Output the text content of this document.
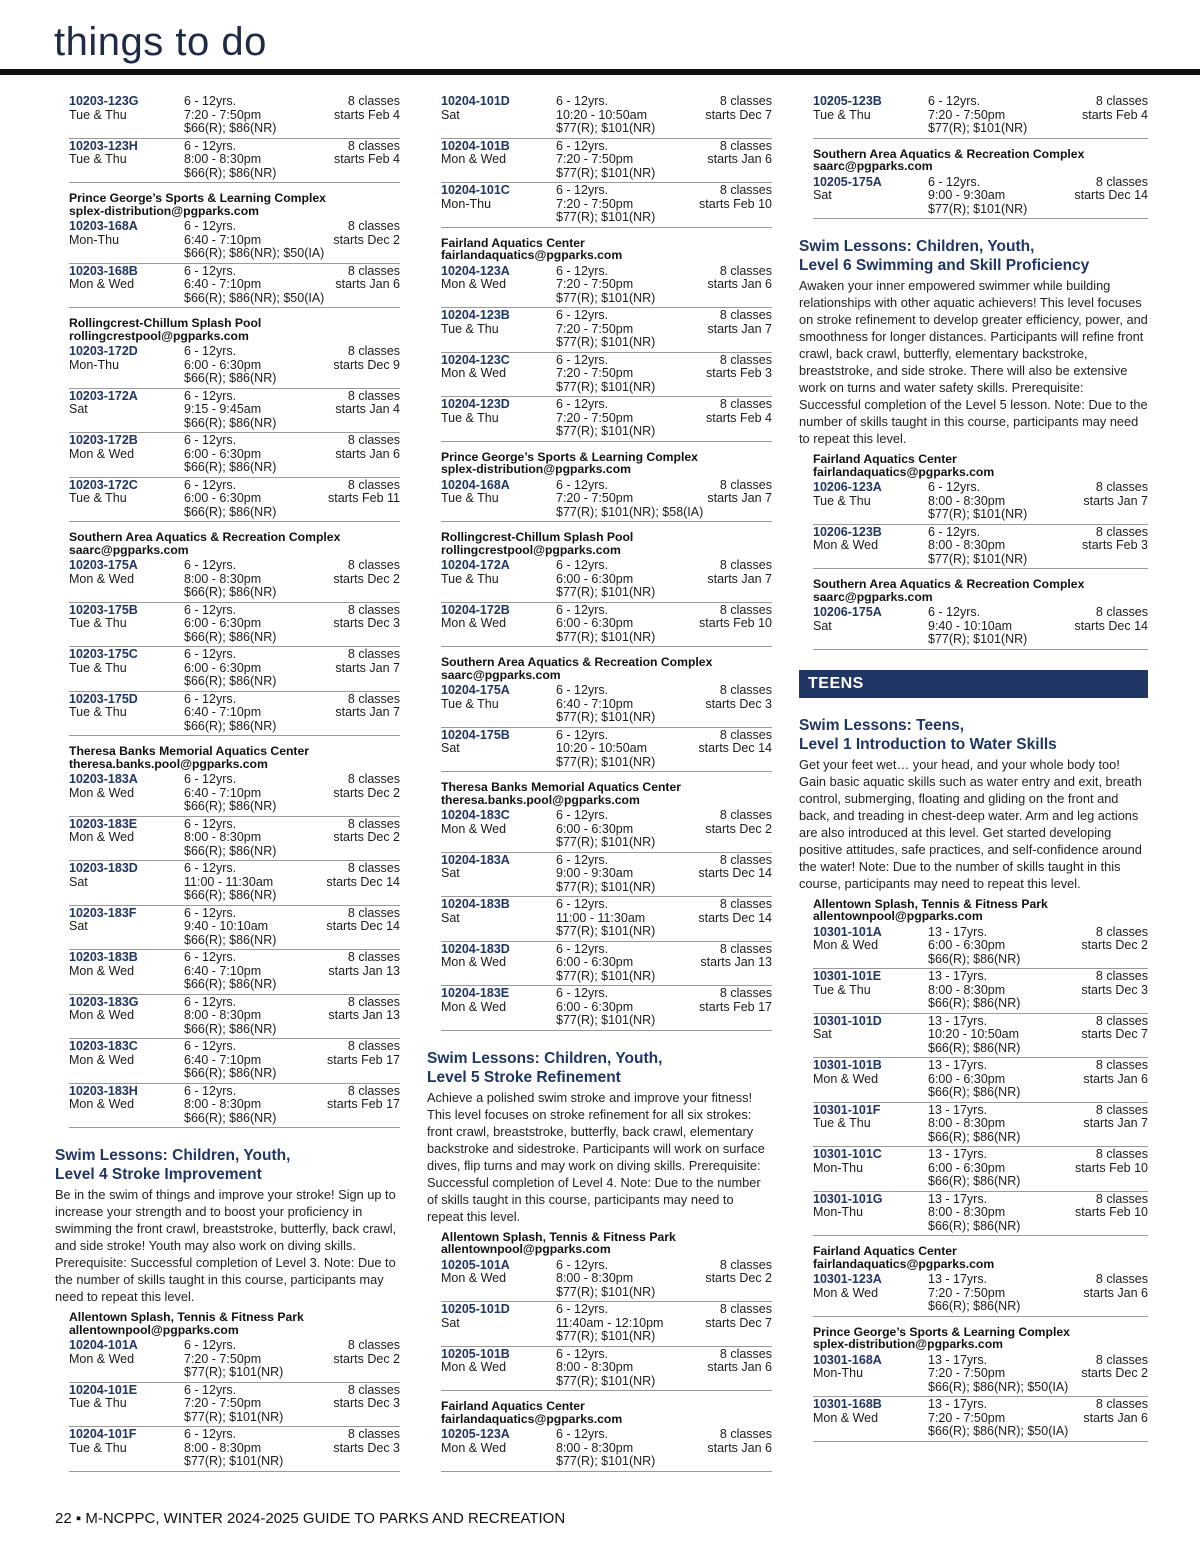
things to do
10203-123G	6 - 12yrs.	8 classes
Tue & Thu	7:20 - 7:50pm	starts Feb 4
$66(R); $86(NR)
10203-123H	6 - 12yrs.	8 classes
Tue & Thu	8:00 - 8:30pm	starts Feb 4
$66(R); $86(NR)
Prince George’s Sports & Learning Complex
splex-distribution@pgparks.com
10203-168A	6 - 12yrs.	8 classes
Mon-Thu	6:40 - 7:10pm	starts Dec 2
$66(R); $86(NR); $50(IA)
10203-168B	6 - 12yrs.	8 classes
Mon & Wed	6:40 - 7:10pm	starts Jan 6
$66(R); $86(NR); $50(IA)
Rollingcrest-Chillum Splash Pool
rollingcrestpool@pgparks.com
10203-172D	6 - 12yrs.	8 classes
Mon-Thu	6:00 - 6:30pm	starts Dec 9
$66(R); $86(NR)
10203-172A	6 - 12yrs.	8 classes
Sat	9:15 - 9:45am	starts Jan 4
$66(R); $86(NR)
10203-172B	6 - 12yrs.	8 classes
Mon & Wed	6:00 - 6:30pm	starts Jan 6
$66(R); $86(NR)
10203-172C	6 - 12yrs.	8 classes
Tue & Thu	6:00 - 6:30pm	starts Feb 11
$66(R); $86(NR)
Southern Area Aquatics & Recreation Complex
saarc@pgparks.com
10203-175A	6 - 12yrs.	8 classes
Mon & Wed	8:00 - 8:30pm	starts Dec 2
$66(R); $86(NR)
10203-175B	6 - 12yrs.	8 classes
Tue & Thu	6:00 - 6:30pm	starts Dec 3
$66(R); $86(NR)
10203-175C	6 - 12yrs.	8 classes
Tue & Thu	6:00 - 6:30pm	starts Jan 7
$66(R); $86(NR)
10203-175D	6 - 12yrs.	8 classes
Tue & Thu	6:40 - 7:10pm	starts Jan 7
$66(R); $86(NR)
Theresa Banks Memorial Aquatics Center
theresa.banks.pool@pgparks.com
10203-183A	6 - 12yrs.	8 classes
Mon & Wed	6:40 - 7:10pm	starts Dec 2
$66(R); $86(NR)
10203-183E	6 - 12yrs.	8 classes
Mon & Wed	8:00 - 8:30pm	starts Dec 2
$66(R); $86(NR)
10203-183D	6 - 12yrs.	8 classes
Sat	11:00 - 11:30am	starts Dec 14
$66(R); $86(NR)
10203-183F	6 - 12yrs.	8 classes
Sat	9:40 - 10:10am	starts Dec 14
$66(R); $86(NR)
10203-183B	6 - 12yrs.	8 classes
Mon & Wed	6:40 - 7:10pm	starts Jan 13
$66(R); $86(NR)
10203-183G	6 - 12yrs.	8 classes
Mon & Wed	8:00 - 8:30pm	starts Jan 13
$66(R); $86(NR)
10203-183C	6 - 12yrs.	8 classes
Mon & Wed	6:40 - 7:10pm	starts Feb 17
$66(R); $86(NR)
10203-183H	6 - 12yrs.	8 classes
Mon & Wed	8:00 - 8:30pm	starts Feb 17
$66(R); $86(NR)
Swim Lessons: Children, Youth,
Level 4 Stroke Improvement
Be in the swim of things and improve your stroke! Sign up to increase your strength and to boost your proficiency in swimming the front crawl, breaststroke, butterfly, back crawl, and side stroke! Youth may also work on diving skills. Prerequisite: Successful completion of Level 3. Note: Due to the number of skills taught in this course, participants may need to repeat this level.
Allentown Splash, Tennis & Fitness Park
allentownpool@pgparks.com
10204-101A	6 - 12yrs.	8 classes
Mon & Wed	7:20 - 7:50pm	starts Dec 2
$77(R); $101(NR)
10204-101E	6 - 12yrs.	8 classes
Tue & Thu	7:20 - 7:50pm	starts Dec 3
$77(R); $101(NR)
10204-101F	6 - 12yrs.	8 classes
Tue & Thu	8:00 - 8:30pm	starts Dec 3
$77(R); $101(NR)
10204-101D	6 - 12yrs.	8 classes
Sat	10:20 - 10:50am	starts Dec 7
$77(R); $101(NR)
10204-101B	6 - 12yrs.	8 classes
Mon & Wed	7:20 - 7:50pm	starts Jan 6
$77(R); $101(NR)
10204-101C	6 - 12yrs.	8 classes
Mon-Thu	7:20 - 7:50pm	starts Feb 10
$77(R); $101(NR)
Fairland Aquatics Center
fairlandaquatics@pgparks.com
10204-123A	6 - 12yrs.	8 classes
Mon & Wed	7:20 - 7:50pm	starts Jan 6
$77(R); $101(NR)
10204-123B	6 - 12yrs.	8 classes
Tue & Thu	7:20 - 7:50pm	starts Jan 7
$77(R); $101(NR)
10204-123C	6 - 12yrs.	8 classes
Mon & Wed	7:20 - 7:50pm	starts Feb 3
$77(R); $101(NR)
10204-123D	6 - 12yrs.	8 classes
Tue & Thu	7:20 - 7:50pm	starts Feb 4
$77(R); $101(NR)
Prince George’s Sports & Learning Complex
splex-distribution@pgparks.com
10204-168A	6 - 12yrs.	8 classes
Tue & Thu	7:20 - 7:50pm	starts Jan 7
$77(R); $101(NR); $58(IA)
Rollingcrest-Chillum Splash Pool
rollingcrestpool@pgparks.com
10204-172A	6 - 12yrs.	8 classes
Tue & Thu	6:00 - 6:30pm	starts Jan 7
$77(R); $101(NR)
10204-172B	6 - 12yrs.	8 classes
Mon & Wed	6:00 - 6:30pm	starts Feb 10
$77(R); $101(NR)
Southern Area Aquatics & Recreation Complex
saarc@pgparks.com
10204-175A	6 - 12yrs.	8 classes
Tue & Thu	6:40 - 7:10pm	starts Dec 3
$77(R); $101(NR)
10204-175B	6 - 12yrs.	8 classes
Sat	10:20 - 10:50am	starts Dec 14
$77(R); $101(NR)
Theresa Banks Memorial Aquatics Center
theresa.banks.pool@pgparks.com
10204-183C	6 - 12yrs.	8 classes
Mon & Wed	6:00 - 6:30pm	starts Dec 2
$77(R); $101(NR)
10204-183A	6 - 12yrs.	8 classes
Sat	9:00 - 9:30am	starts Dec 14
$77(R); $101(NR)
10204-183B	6 - 12yrs.	8 classes
Sat	11:00 - 11:30am	starts Dec 14
$77(R); $101(NR)
10204-183D	6 - 12yrs.	8 classes
Mon & Wed	6:00 - 6:30pm	starts Jan 13
$77(R); $101(NR)
10204-183E	6 - 12yrs.	8 classes
Mon & Wed	6:00 - 6:30pm	starts Feb 17
$77(R); $101(NR)
Swim Lessons: Children, Youth,
Level 5 Stroke Refinement
Achieve a polished swim stroke and improve your fitness! This level focuses on stroke refinement for all six strokes: front crawl, breaststroke, butterfly, back crawl, elementary backstroke and sidestroke. Participants will work on surface dives, flip turns and may work on diving skills. Prerequisite: Successful completion of Level 4. Note: Due to the number of skills taught in this course, participants may need to repeat this level.
Allentown Splash, Tennis & Fitness Park
allentownpool@pgparks.com
10205-101A	6 - 12yrs.	8 classes
Mon & Wed	8:00 - 8:30pm	starts Dec 2
$77(R); $101(NR)
10205-101D	6 - 12yrs.	8 classes
Sat	11:40am - 12:10pm	starts Dec 7
$77(R); $101(NR)
10205-101B	6 - 12yrs.	8 classes
Mon & Wed	8:00 - 8:30pm	starts Jan 6
$77(R); $101(NR)
Fairland Aquatics Center
fairlandaquatics@pgparks.com
10205-123A	6 - 12yrs.	8 classes
Mon & Wed	8:00 - 8:30pm	starts Jan 6
$77(R); $101(NR)
10205-123B	6 - 12yrs.	8 classes
Tue & Thu	7:20 - 7:50pm	starts Feb 4
$77(R); $101(NR)
Southern Area Aquatics & Recreation Complex
saarc@pgparks.com
10205-175A	6 - 12yrs.	8 classes
Sat	9:00 - 9:30am	starts Dec 14
$77(R); $101(NR)
Swim Lessons: Children, Youth,
Level 6 Swimming and Skill Proficiency
Awaken your inner empowered swimmer while building relationships with other aquatic achievers! This level focuses on stroke refinement to develop greater efficiency, power, and smoothness for longer distances. Participants will refine front crawl, back crawl, butterfly, elementary backstroke, breaststroke, and side stroke. There will also be extensive work on turns and water safety skills. Prerequisite: Successful completion of the Level 5 lesson. Note: Due to the number of skills taught in this course, participants may need to repeat this level.
Fairland Aquatics Center
fairlandaquatics@pgparks.com
10206-123A	6 - 12yrs.	8 classes
Tue & Thu	8:00 - 8:30pm	starts Jan 7
$77(R); $101(NR)
10206-123B	6 - 12yrs.	8 classes
Mon & Wed	8:00 - 8:30pm	starts Feb 3
$77(R); $101(NR)
Southern Area Aquatics & Recreation Complex
saarc@pgparks.com
10206-175A	6 - 12yrs.	8 classes
Sat	9:40 - 10:10am	starts Dec 14
$77(R); $101(NR)
TEENS
Swim Lessons: Teens,
Level 1 Introduction to Water Skills
Get your feet wet… your head, and your whole body too! Gain basic aquatic skills such as water entry and exit, breath control, submerging, floating and gliding on the front and back, and treading in chest-deep water. Arm and leg actions are also introduced at this level. Get started developing positive attitudes, safe practices, and self-confidence around the water! Note: Due to the number of skills taught in this course, participants may need to repeat this level.
Allentown Splash, Tennis & Fitness Park
allentownpool@pgparks.com
10301-101A	13 - 17yrs.	8 classes
Mon & Wed	6:00 - 6:30pm	starts Dec 2
$66(R); $86(NR)
10301-101E	13 - 17yrs.	8 classes
Tue & Thu	8:00 - 8:30pm	starts Dec 3
$66(R); $86(NR)
10301-101D	13 - 17yrs.	8 classes
Sat	10:20 - 10:50am	starts Dec 7
$66(R); $86(NR)
10301-101B	13 - 17yrs.	8 classes
Mon & Wed	6:00 - 6:30pm	starts Jan 6
$66(R); $86(NR)
10301-101F	13 - 17yrs.	8 classes
Tue & Thu	8:00 - 8:30pm	starts Jan 7
$66(R); $86(NR)
10301-101C	13 - 17yrs.	8 classes
Mon-Thu	6:00 - 6:30pm	starts Feb 10
$66(R); $86(NR)
10301-101G	13 - 17yrs.	8 classes
Mon-Thu	8:00 - 8:30pm	starts Feb 10
$66(R); $86(NR)
Fairland Aquatics Center
fairlandaquatics@pgparks.com
10301-123A	13 - 17yrs.	8 classes
Mon & Wed	7:20 - 7:50pm	starts Jan 6
$66(R); $86(NR)
Prince George’s Sports & Learning Complex
splex-distribution@pgparks.com
10301-168A	13 - 17yrs.	8 classes
Mon-Thu	7:20 - 7:50pm	starts Dec 2
$66(R); $86(NR); $50(IA)
10301-168B	13 - 17yrs.	8 classes
Mon & Wed	7:20 - 7:50pm	starts Jan 6
$66(R); $86(NR); $50(IA)
22 ▪ M-NCPPC, WINTER 2024-2025 GUIDE TO PARKS AND RECREATION
